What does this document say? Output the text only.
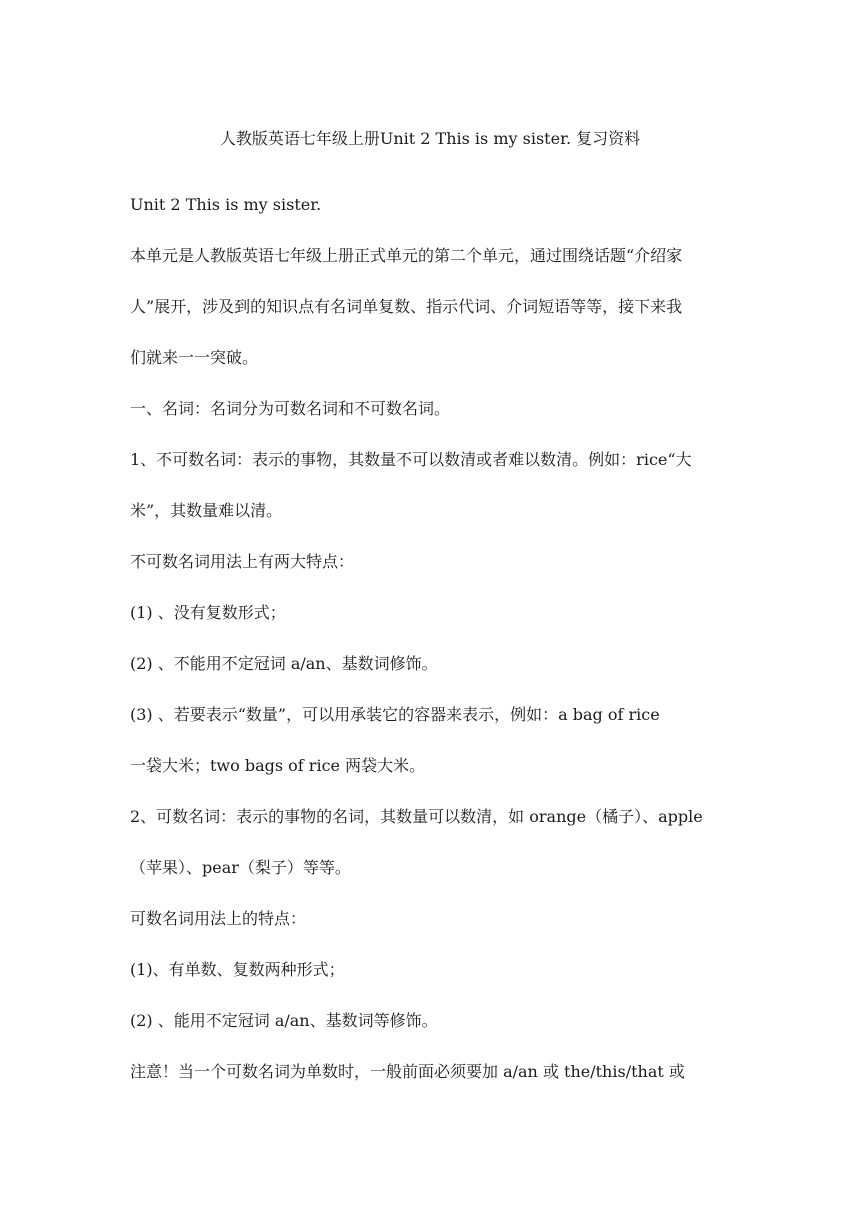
人教版英语七年级上册Unit 2 This is my sister. 复习资料

Unit 2 This is my sister.

本单元是人教版英语七年级上册正式单元的第二个单元，通过围绕话题“介绍家

人”展开，涉及到的知识点有名词单复数、指示代词、介词短语等等，接下来我

们就来一一突破。

一、名词：名词分为可数名词和不可数名词。

1、不可数名词：表示的事物，其数量不可以数清或者难以数清。例如：rice“大

米”，其数量难以清。

不可数名词用法上有两大特点：

(1) 、没有复数形式；

(2) 、不能用不定冠词 a/an、基数词修饰。

(3) 、若要表示“数量”，可以用承装它的容器来表示，例如：a bag of rice

一袋大米；two bags of rice 两袋大米。

2、可数名词：表示的事物的名词，其数量可以数清，如 orange（橘子）、apple

（苹果）、pear（梨子）等等。

可数名词用法上的特点：

(1)、有单数、复数两种形式；

(2) 、能用不定冠词 a/an、基数词等修饰。

注意！当一个可数名词为单数时，一般前面必须要加 a/an 或 the/this/that 或
